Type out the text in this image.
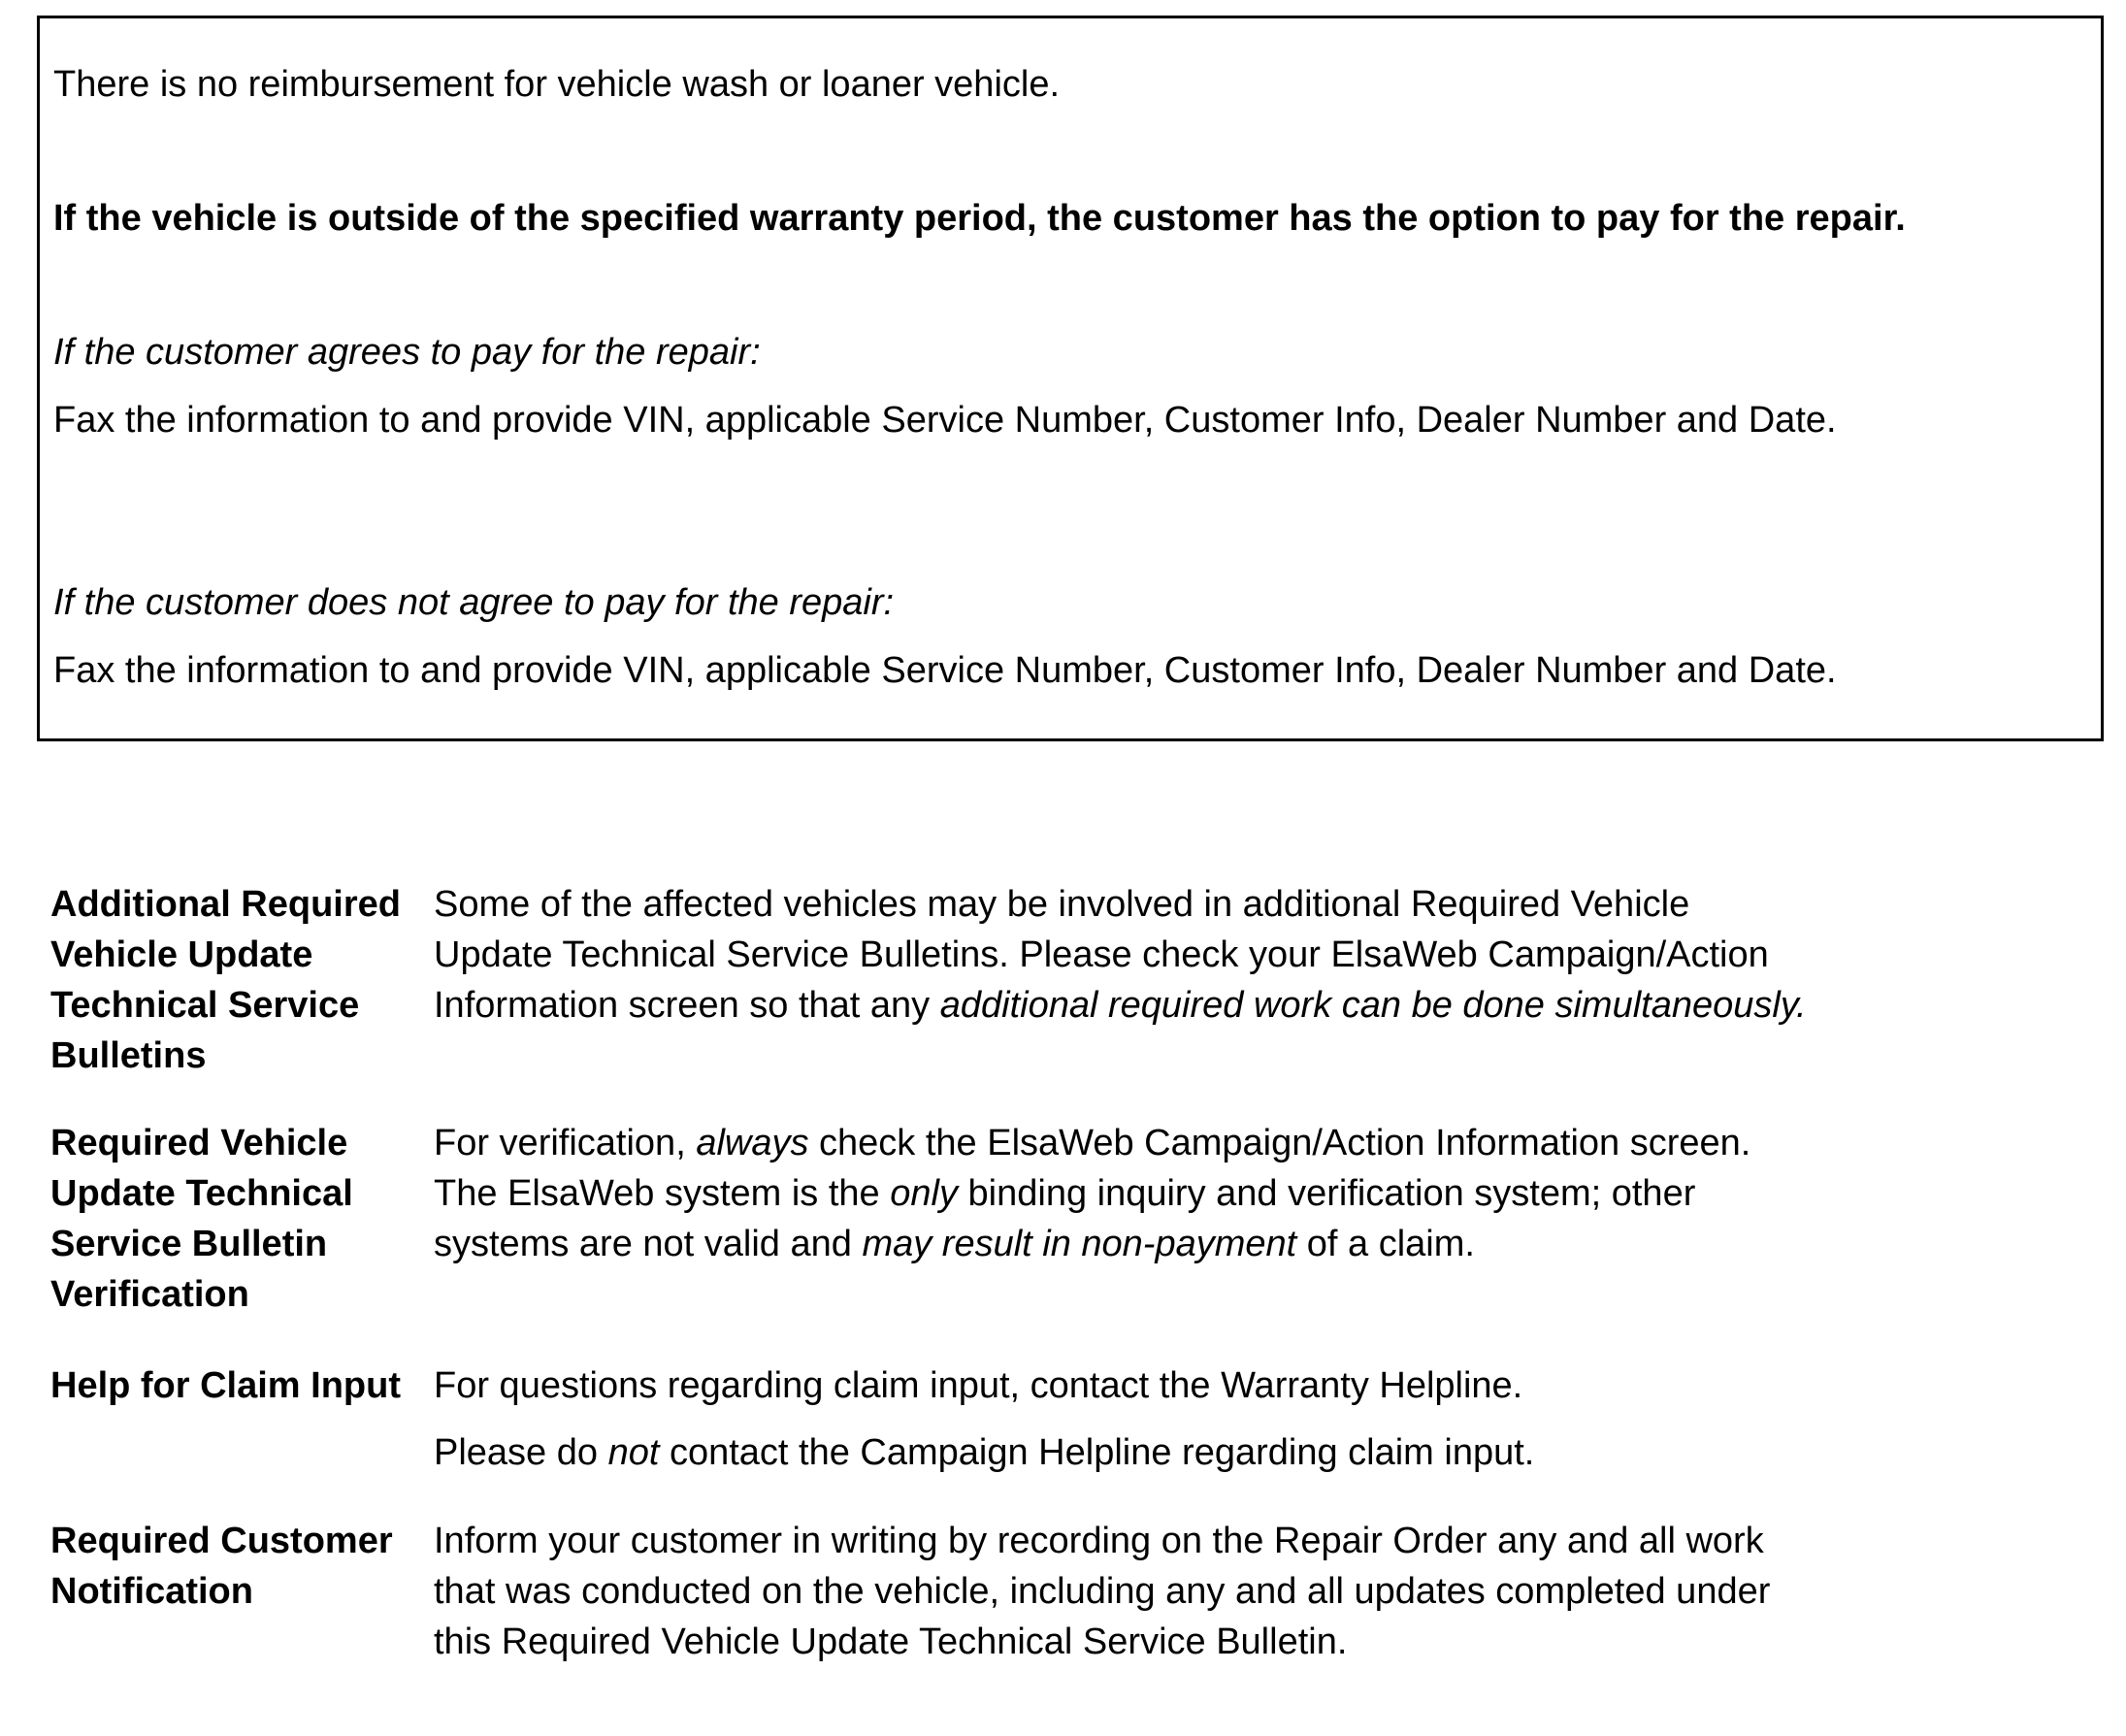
There is no reimbursement for vehicle wash or loaner vehicle.

If the vehicle is outside of the specified warranty period, the customer has the option to pay for the repair.

If the customer agrees to pay for the repair:

Fax the information to and provide VIN, applicable Service Number, Customer Info, Dealer Number and Date.

If the customer does not agree to pay for the repair:

Fax the information to and provide VIN, applicable Service Number, Customer Info, Dealer Number and Date.

Additional Required Vehicle Update Technical Service Bulletins

Some of the affected vehicles may be involved in additional Required Vehicle Update Technical Service Bulletins. Please check your ElsaWeb Campaign/Action Information screen so that any additional required work can be done simultaneously.

Required Vehicle Update Technical Service Bulletin Verification

For verification, always check the ElsaWeb Campaign/Action Information screen. The ElsaWeb system is the only binding inquiry and verification system; other systems are not valid and may result in non-payment of a claim.

Help for Claim Input For questions regarding claim input, contact the Warranty Helpline.

Please do not contact the Campaign Helpline regarding claim input.

Required Customer Notification
Inform your customer in writing by recording on the Repair Order any and all work that was conducted on the vehicle, including any and all updates completed under this Required Vehicle Update Technical Service Bulletin.
